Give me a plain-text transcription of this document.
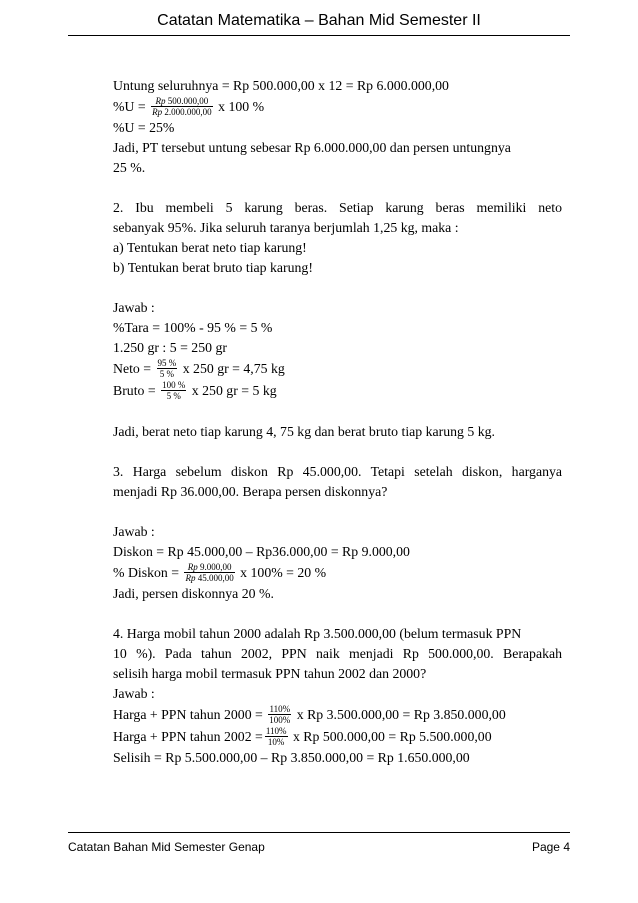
Catatan Matematika – Bahan Mid Semester II
Untung seluruhnya = Rp 500.000,00 x 12 = Rp 6.000.000,00
$\%U = \frac{Rp 500.000,00}{Rp 2.000.000,00}$ x 100 %
%U = 25%
Jadi, PT tersebut untung sebesar Rp 6.000.000,00 dan persen untungnya
25 %.
2. Ibu membeli 5 karung beras. Setiap karung beras memiliki neto
sebanyak 95%. Jika seluruh taranya berjumlah 1,25 kg, maka :
a) Tentukan berat neto tiap karung!
b) Tentukan berat bruto tiap karung!
Jawab :
%Tara = 100% - 95 % = 5 %
1.250 gr : 5 = 250 gr
Neto = $\frac{95 \%}{5 \%}$ x 250 gr = 4,75 kg
Bruto = $\frac{100 \%}{5 \%}$ x 250 gr = 5 kg
Jadi, berat neto tiap karung 4, 75 kg dan berat bruto tiap karung 5 kg.
3. Harga sebelum diskon Rp 45.000,00. Tetapi setelah diskon, harganya
menjadi Rp 36.000,00. Berapa persen diskonnya?
Jawab :
Diskon = Rp 45.000,00 – Rp36.000,00 = Rp 9.000,00
% Diskon = $\frac{Rp 9.000,00}{Rp 45.000,00}$ x 100% = 20 %
Jadi, persen diskonnya 20 %.
4. Harga mobil tahun 2000 adalah Rp 3.500.000,00 (belum termasuk PPN
10 %). Pada tahun 2002, PPN naik menjadi Rp 500.000,00. Berapakah
selisih harga mobil termasuk PPN tahun 2002 dan 2000?
Jawab :
Harga + PPN tahun $2000 = \frac{110\%}{100\%}$ x Rp 3.500.000,00 = Rp 3.850.000,00
Harga + PPN tahun $2002 = \frac{110\%}{10\%}$ x Rp 500.000,00 = Rp 5.500.000,00
Selisih = Rp 5.500.000,00 – Rp 3.850.000,00 = Rp 1.650.000,00
Catatan Bahan Mid Semester Genap	Page 4
